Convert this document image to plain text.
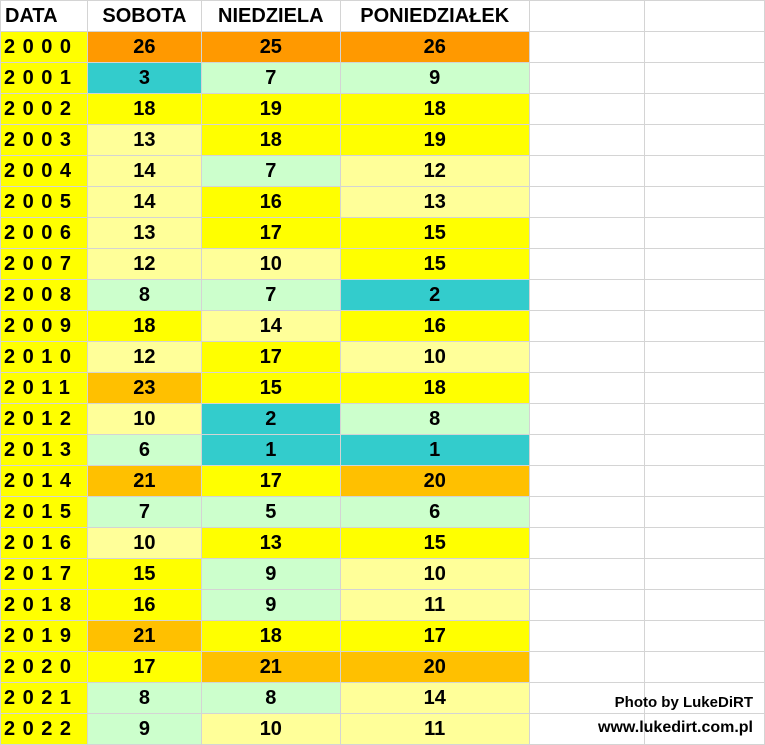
DATA	SOBOTA	NIEDZIELA	PONIEDZIAŁEK		
2000	26	25	26		
2001	3	7	9		
2002	18	19	18		
2003	13	18	19		
2004	14	7	12		
2005	14	16	13		
2006	13	17	15		
2007	12	10	15		
2008	8	7	2		
2009	18	14	16		
2010	12	17	10		
2011	23	15	18		
2012	10	2	8		
2013	6	1	1		
2014	21	17	20		
2015	7	5	6		
2016	10	13	15		
2017	15	9	10		
2018	16	9	11		
2019	21	18	17		
2020	17	21	20		
2021	8	8	14		
2022	9	10	11		
Photo by LukeDiRT
www.lukedirt.com.pl
